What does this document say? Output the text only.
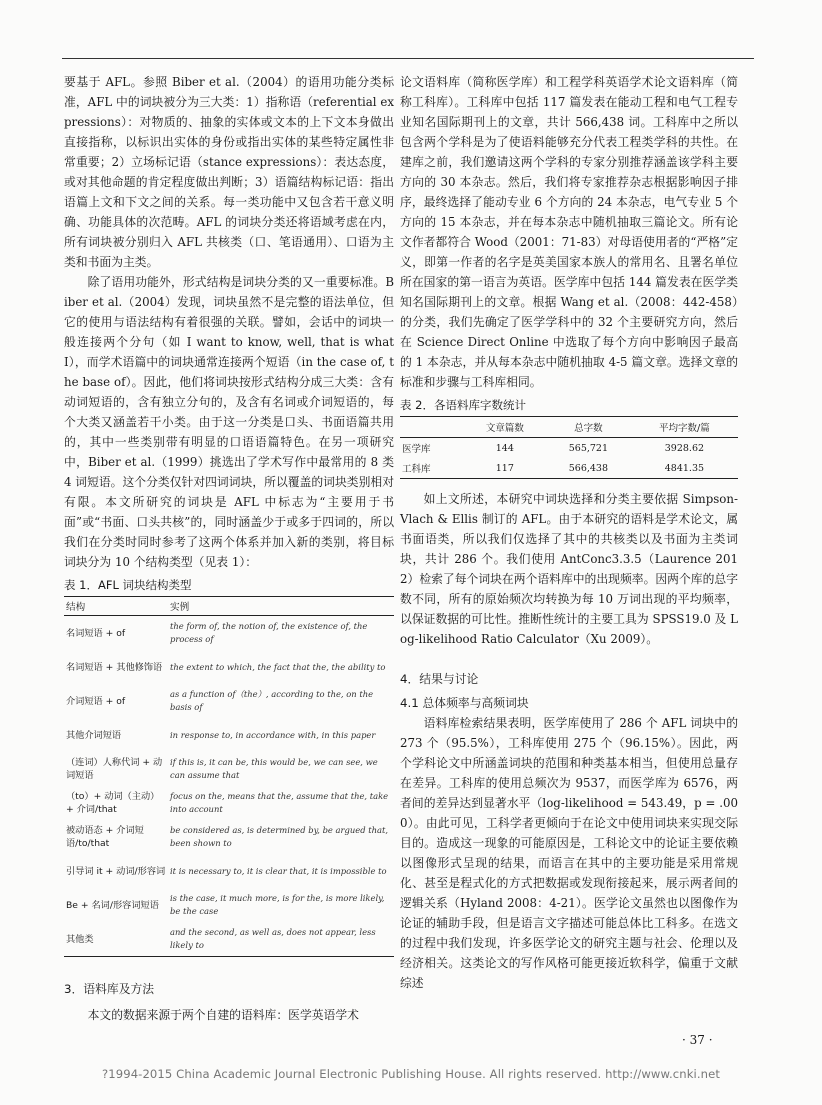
要基于 AFL。参照 Biber et al.（2004）的语用功能分类标准，AFL 中的词块被分为三大类：1）指称语（referential expressions）：对物质的、抽象的实体或文本的上下文本身做出直接指称，以标识出实体的身份或指出实体的某些特定属性非常重要；2）立场标记语（stance expressions）：表达态度，或对其他命题的肯定程度做出判断；3）语篇结构标记语：指出语篇上文和下文之间的关系。每一类功能中又包含若干意义明确、功能具体的次范畴。AFL 的词块分类还将语域考虑在内，所有词块被分别归入 AFL 共核类（口、笔语通用）、口语为主类和书面为主类。

除了语用功能外，形式结构是词块分类的又一重要标准。Biber et al.（2004）发现，词块虽然不是完整的语法单位，但它的使用与语法结构有着很强的关联。譬如，会话中的词块一般连接两个分句（如 I want to know, well, that is what I），而学术语篇中的词块通常连接两个短语（in the case of, the base of）。因此，他们将词块按形式结构分成三大类：含有动词短语的，含有独立分句的，及含有名词或介词短语的，每个大类又涵盖若干小类。由于这一分类是口头、书面语篇共用的，其中一些类别带有明显的口语语篇特色。在另一项研究中，Biber et al.（1999）挑选出了学术写作中最常用的 8 类 4 词短语。这个分类仅针对四词词块，所以覆盖的词块类别相对有限。本文所研究的词块是 AFL 中标志为“主要用于书面”或“书面、口头共核”的，同时涵盖少于或多于四词的，所以我们在分类时同时参考了这两个体系并加入新的类别，将目标词块分为 10 个结构类型（见表 1）：

表 1．AFL 词块结构类型

结构	实例
名词短语 + of	the form of, the notion of, the existence of, the process of
名词短语 + 其他修饰语	the extent to which, the fact that the, the ability to
介词短语 + of	as a function of（the）, according to the, on the basis of
其他介词短语	in response to, in accordance with, in this paper
（连词）人称代词 + 动词短语	if this is, it can be, this would be, we can see, we can assume that
（to）+ 动词（主动）+ 介词/that	focus on the, means that the, assume that the, take into account
被动语态 + 介词短语/to/that	be considered as, is determined by, be argued that, been shown to
引导词 it + 动词/形容词	it is necessary to, it is clear that, it is impossible to
Be + 名词/形容词短语	is the case, it much more, is for the, is more likely, be the case
其他类	and the second, as well as, does not appear, less likely to

3．语料库及方法

本文的数据来源于两个自建的语料库：医学英语学术

论文语料库（简称医学库）和工程学科英语学术论文语料库（简称工科库）。工科库中包括 117 篇发表在能动工程和电气工程专业知名国际期刊上的文章，共计 566,438 词。工科库中之所以包含两个学科是为了使语料能够充分代表工程类学科的共性。在建库之前，我们邀请这两个学科的专家分别推荐涵盖该学科主要方向的 30 本杂志。然后，我们将专家推荐杂志根据影响因子排序，最终选择了能动专业 6 个方向的 24 本杂志，电气专业 5 个方向的 15 本杂志，并在每本杂志中随机抽取三篇论文。所有论文作者都符合 Wood（2001：71-83）对母语使用者的“严格”定义，即第一作者的名字是英美国家本族人的常用名、且署名单位所在国家的第一语言为英语。医学库中包括 144 篇发表在医学类知名国际期刊上的文章。根据 Wang et al.（2008：442-458）的分类，我们先确定了医学学科中的 32 个主要研究方向，然后在 Science Direct Online 中选取了每个方向中影响因子最高的 1 本杂志，并从每本杂志中随机抽取 4-5 篇文章。选择文章的标准和步骤与工科库相同。

表 2．各语料库字数统计

	文章篇数	总字数	平均字数/篇
医学库	144	565,721	3928.62
工科库	117	566,438	4841.35

如上文所述，本研究中词块选择和分类主要依据 Simpson-Vlach & Ellis 制订的 AFL。由于本研究的语料是学术论文，属书面语类，所以我们仅选择了其中的共核类以及书面为主类词块，共计 286 个。我们使用 AntConc3.3.5（Laurence 2012）检索了每个词块在两个语料库中的出现频率。因两个库的总字数不同，所有的原始频次均转换为每 10 万词出现的平均频率，以保证数据的可比性。推断性统计的主要工具为 SPSS19.0 及 Log-likelihood Ratio Calculator（Xu 2009）。

4．结果与讨论

4.1 总体频率与高频词块

语料库检索结果表明，医学库使用了 286 个 AFL 词块中的 273 个（95.5%），工科库使用 275 个（96.15%）。因此，两个学科论文中所涵盖词块的范围和种类基本相当，但使用总量存在差异。工科库的使用总频次为 9537，而医学库为 6576，两者间的差异达到显著水平（log-likelihood = 543.49，p = .000）。由此可见，工科学者更倾向于在论文中使用词块来实现交际目的。造成这一现象的可能原因是，工科论文中的论证主要依赖以图像形式呈现的结果，而语言在其中的主要功能是采用常规化、甚至是程式化的方式把数据或发现衔接起来，展示两者间的逻辑关系（Hyland 2008：4-21）。医学论文虽然也以图像作为论证的辅助手段，但是语言文字描述可能总体比工科多。在选文的过程中我们发现，许多医学论文的研究主题与社会、伦理以及经济相关。这类论文的写作风格可能更接近软科学，偏重于文献综述

· 37 ·
?1994-2015 China Academic Journal Electronic Publishing House. All rights reserved. http://www.cnki.net
